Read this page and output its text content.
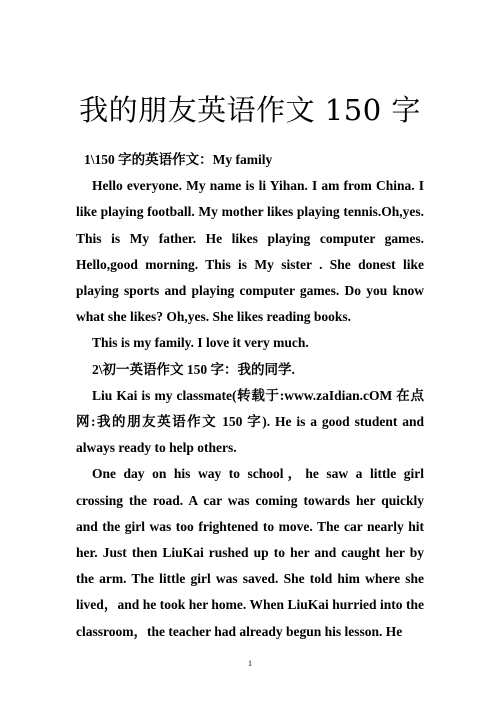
我的朋友英语作文 150 字

1\150 字的英语作文：My family

Hello everyone. My name is li Yihan. I am from China. I like playing football. My mother likes playing tennis.Oh,yes. This is My father. He likes playing computer games. Hello,good morning. This is My sister . She donest like playing sports and playing computer games. Do you know what she likes? Oh,yes. She likes reading books.

This is my family. I love it very much.

2\初一英语作文 150 字：我的同学.

Liu Kai is my classmate(转载于:www.zaIdian.cOM 在点网:我的朋友英语作文 150 字). He is a good student and always ready to help others.

One day on his way to school，he saw a little girl crossing the road. A car was coming towards her quickly and the girl was too frightened to move. The car nearly hit her. Just then LiuKai rushed up to her and caught her by the arm. The little girl was saved. She told him where she lived，and he took her home. When LiuKai hurried into the classroom，the teacher had already begun his lesson. He

1
